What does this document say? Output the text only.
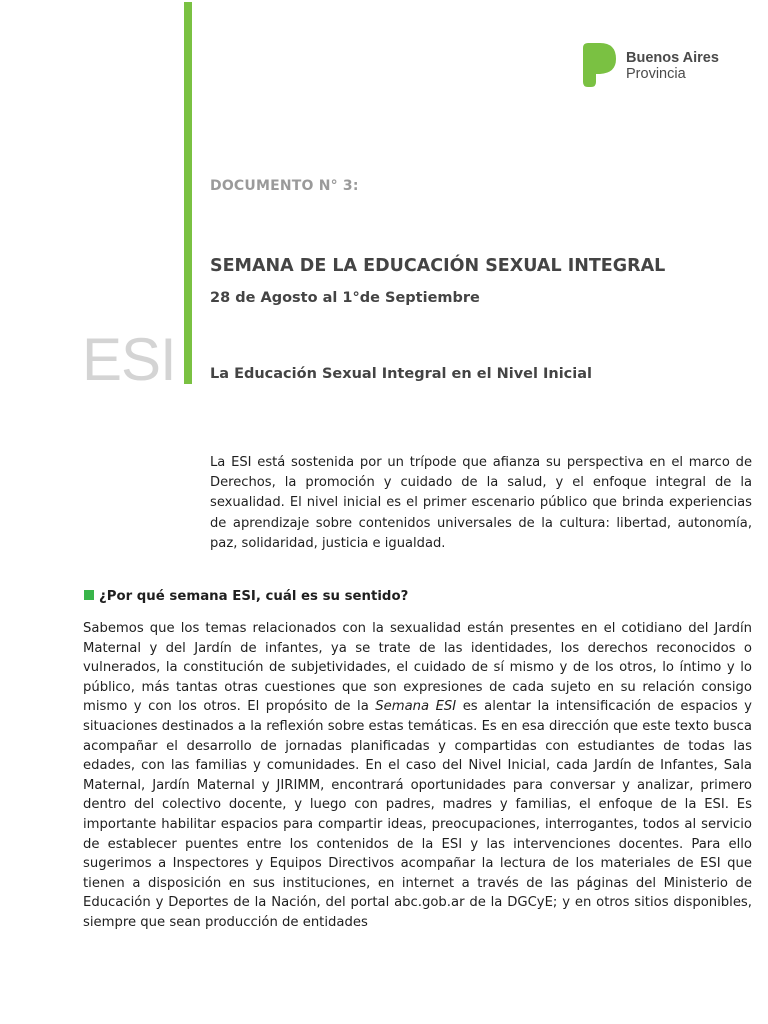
ESI
Buenos Aires
Provincia
DOCUMENTO N° 3:
SEMANA DE LA EDUCACIÓN SEXUAL INTEGRAL
28 de Agosto al 1°de Septiembre
La Educación Sexual Integral en el Nivel Inicial

La ESI está sostenida por un trípode que afianza su perspectiva en el marco de Derechos, la promoción y cuidado de la salud, y el enfoque integral de la sexualidad. El nivel inicial es el primer escenario público que brinda experiencias de aprendizaje sobre contenidos universales de la cultura: libertad, autonomía, paz, solidaridad, justicia e igualdad.

¿Por qué semana ESI, cuál es su sentido?

Sabemos que los temas relacionados con la sexualidad están presentes en el cotidiano del Jardín Maternal y del Jardín de infantes, ya se trate de las identidades, los derechos reconocidos o vulnerados, la constitución de subjetividades, el cuidado de sí mismo y de los otros, lo íntimo y lo público, más tantas otras cuestiones que son expresiones de cada sujeto en su relación consigo mismo y con los otros. El propósito de la Semana ESI es alentar la intensificación de espacios y situaciones destinados a la reflexión sobre estas temáticas. Es en esa dirección que este texto busca acompañar el desarrollo de jornadas planificadas y compartidas con estudiantes de todas las edades, con las familias y comunidades. En el caso del Nivel Inicial, cada Jardín de Infantes, Sala Maternal, Jardín Maternal y JIRIMM, encontrará oportunidades para conversar y analizar, primero dentro del colectivo docente, y luego con padres, madres y familias, el enfoque de la ESI. Es importante habilitar espacios para compartir ideas, preocupaciones, interrogantes, todos al servicio de establecer puentes entre los contenidos de la ESI y las intervenciones docentes. Para ello sugerimos a Inspectores y Equipos Directivos acompañar la lectura de los materiales de ESI que tienen a disposición en sus instituciones, en internet a través de las páginas del Ministerio de Educación y Deportes de la Nación, del portal abc.gob.ar de la DGCyE; y en otros sitios disponibles, siempre que sean producción de entidades
